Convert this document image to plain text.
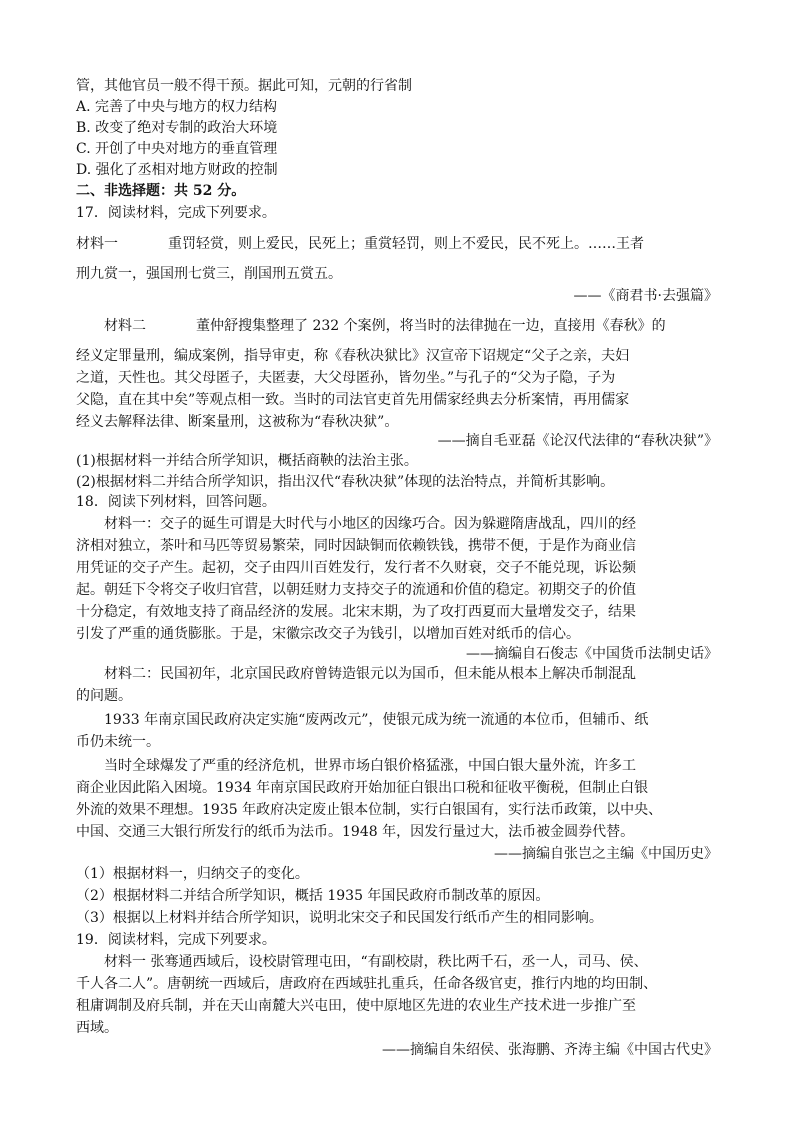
管，其他官员一般不得干预。据此可知，元朝的行省制
A. 完善了中央与地方的权力结构
B. 改变了绝对专制的政治大环境
C. 开创了中央对地方的垂直管理
D. 强化了丞相对地方财政的控制
二、非选择题：共 52 分。
17．阅读材料，完成下列要求。
材料一	重罚轻赏，则上爱民，民死上；重赏轻罚，则上不爱民，民不死上。……王者
刑九赏一，强国刑七赏三，削国刑五赏五。
——《商君书·去强篇》
材料二	董仲舒搜集整理了 232 个案例，将当时的法律抛在一边，直接用《春秋》的
经义定罪量刑，编成案例，指导审吏，称《春秋决狱比》汉宣帝下诏规定“父子之亲，夫妇
之道，天性也。其父母匿子，夫匿妻，大父母匿孙，皆勿坐。”与孔子的“父为子隐，子为
父隐，直在其中矣”等观点相一致。当时的司法官吏首先用儒家经典去分析案情，再用儒家
经义去解释法律、断案量刑，这被称为“春秋决狱”。
——摘自毛亚磊《论汉代法律的“春秋决狱”》
(1)根据材料一并结合所学知识，概括商鞅的法治主张。
(2)根据材料二并结合所学知识，指出汉代“春秋决狱”体现的法治特点，并简析其影响。
18．阅读下列材料，回答问题。
材料一：交子的诞生可谓是大时代与小地区的因缘巧合。因为躲避隋唐战乱，四川的经
济相对独立，茶叶和马匹等贸易繁荣，同时因缺铜而依赖铁钱，携带不便，于是作为商业信
用凭证的交子产生。起初，交子由四川百姓发行，发行者不久财衰，交子不能兑现，诉讼频
起。朝廷下令将交子收归官营，以朝廷财力支持交子的流通和价值的稳定。初期交子的价值
十分稳定，有效地支持了商品经济的发展。北宋末期，为了攻打西夏而大量增发交子，结果
引发了严重的通货膨胀。于是，宋徽宗改交子为钱引，以增加百姓对纸币的信心。
——摘编自石俊志《中国货币法制史话》
材料二：民国初年，北京国民政府曾铸造银元以为国币，但未能从根本上解决币制混乱
的问题。
1933 年南京国民政府决定实施“废两改元”，使银元成为统一流通的本位币，但辅币、纸
币仍未统一。
当时全球爆发了严重的经济危机，世界市场白银价格猛涨，中国白银大量外流，许多工
商企业因此陷入困境。1934 年南京国民政府开始加征白银出口税和征收平衡税，但制止白银
外流的效果不理想。1935 年政府决定废止银本位制，实行白银国有，实行法币政策，以中央、
中国、交通三大银行所发行的纸币为法币。1948 年，因发行量过大，法币被金圆券代替。
——摘编自张岂之主编《中国历史》
（1）根据材料一，归纳交子的变化。
（2）根据材料二并结合所学知识，概括 1935 年国民政府币制改革的原因。
（3）根据以上材料并结合所学知识，说明北宋交子和民国发行纸币产生的相同影响。
19．阅读材料，完成下列要求。
材料一 张骞通西域后，设校尉管理屯田，“有副校尉，秩比两千石，丞一人，司马、侯、
千人各二人”。唐朝统一西域后，唐政府在西域驻扎重兵，任命各级官吏，推行内地的均田制、
租庸调制及府兵制，并在天山南麓大兴屯田，使中原地区先进的农业生产技术进一步推广至
西域。
——摘编自朱绍侯、张海鹏、齐涛主编《中国古代史》
